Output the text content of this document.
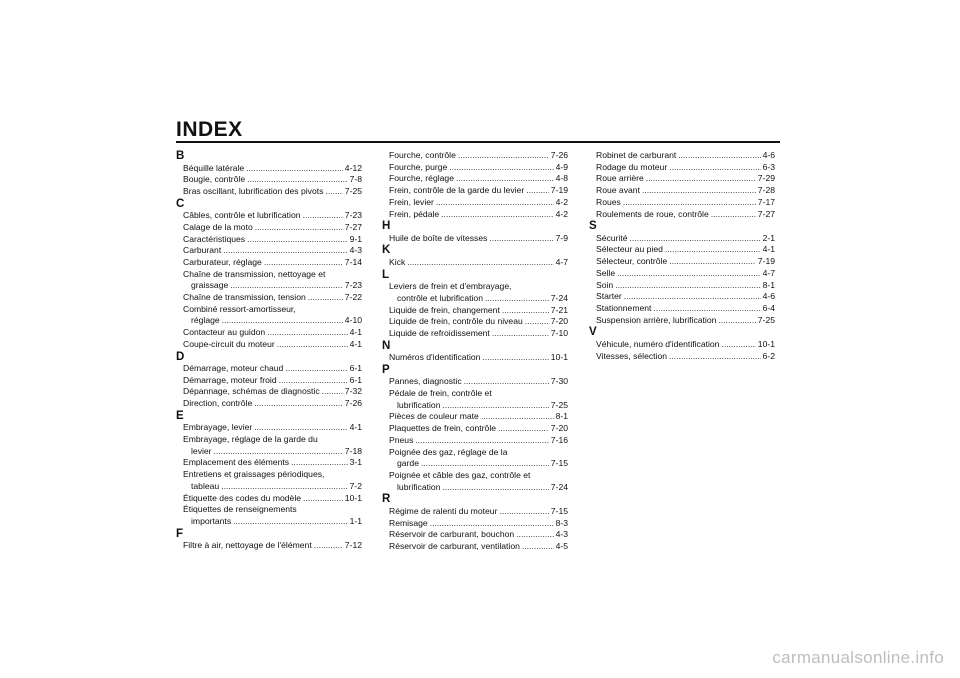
INDEX
B
Béquille latérale .....	4-12
Bougie, contrôle .....	7-8
Bras oscillant, lubrification des pivots ..... 7-25
C
Câbles, contrôle et lubrification .....	7-23
Calage de la moto .....	7-27
Caractéristiques .....	9-1
Carburant .....	4-3
Carburateur, réglage .....	7-14
Chaîne de transmission, nettoyage et
graissage .....	7-23
Chaîne de transmission, tension .....	7-22
Combiné ressort-amortisseur,
réglage .....	4-10
Contacteur au guidon .....	4-1
Coupe-circuit du moteur .....	4-1
D
Démarrage, moteur chaud .....	6-1
Démarrage, moteur froid .....	6-1
Dépannage, schémas de diagnostic .....	7-32
Direction, contrôle .....	7-26
E
Embrayage, levier .....	4-1
Embrayage, réglage de la garde du
levier .....	7-18
Emplacement des éléments .....	3-1
Entretiens et graissages périodiques,
tableau .....	7-2
Étiquette des codes du modèle .....	10-1
Étiquettes de renseignements
importants .....	1-1
F
Filtre à air, nettoyage de l'élément .....	7-12
Fourche, contrôle .....	7-26
Fourche, purge .....	4-9
Fourche, réglage .....	4-8
Frein, contrôle de la garde du levier .....	7-19
Frein, levier .....	4-2
Frein, pédale .....	4-2
H
Huile de boîte de vitesses .....	7-9
K
Kick .....	4-7
L
Leviers de frein et d'embrayage,
contrôle et lubrification .....	7-24
Liquide de frein, changement .....	7-21
Liquide de frein, contrôle du niveau .....	7-20
Liquide de refroidissement .....	7-10
N
Numéros d'identification .....	10-1
P
Pannes, diagnostic .....	7-30
Pédale de frein, contrôle et
lubrification .....	7-25
Pièces de couleur mate .....	8-1
Plaquettes de frein, contrôle .....	7-20
Pneus .....	7-16
Poignée des gaz, réglage de la
garde .....	7-15
Poignée et câble des gaz, contrôle et
lubrification .....	7-24
R
Régime de ralenti du moteur .....	7-15
Remisage .....	8-3
Réservoir de carburant, bouchon .....	4-3
Réservoir de carburant, ventilation .....	4-5
Robinet de carburant .....	4-6
Rodage du moteur .....	6-3
Roue arrière .....	7-29
Roue avant .....	7-28
Roues .....	7-17
Roulements de roue, contrôle .....	7-27
S
Sécurité .....	2-1
Sélecteur au pied .....	4-1
Sélecteur, contrôle .....	7-19
Selle .....	4-7
Soin .....	8-1
Starter .....	4-6
Stationnement .....	6-4
Suspension arrière, lubrification .....	7-25
V
Véhicule, numéro d'identification .....	10-1
Vitesses, sélection .....	6-2
carmanualsonline.info
